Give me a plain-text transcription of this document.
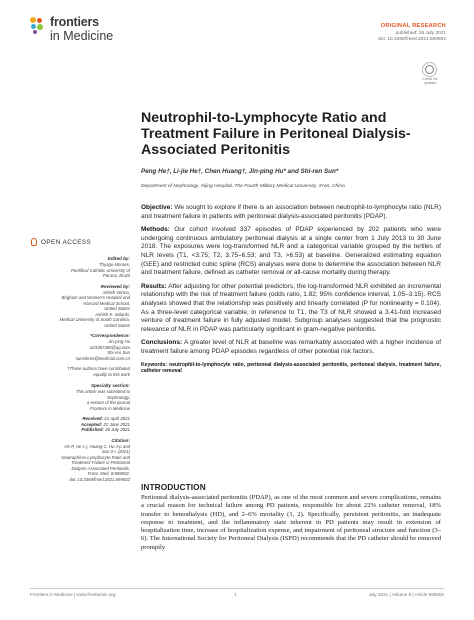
frontiers
in Medicine
ORIGINAL RESEARCH
published: 26 July 2021
doi: 10.3389/fmed.2021.699502
Check for updates
Neutrophil-to-Lymphocyte Ratio and Treatment Failure in Peritoneal Dialysis-Associated Peritonitis
Peng He†, Li-jie He†, Chen Huang†, Jin-ping Hu* and Shi-ren Sun*
Department of Nephrology, Xijing Hospital, The Fourth Military Medical University, Xi'an, China

Objective: We sought to explore if there is an association between neutrophil-to-lymphocyte ratio (NLR) and treatment failure in patients with peritoneal dialysis-associated peritonitis (PDAP).

Methods: Our cohort involved 337 episodes of PDAP experienced by 202 patients who were undergoing continuous ambulatory peritoneal dialysis at a single center from 1 July 2013 to 30 June 2018. The exposures were log-transformed NLR and a categorical variable grouped by the tertiles of NLR levels (T1, <3.75; T2, 3.75–6.53; and T3, >6.53) at baseline. Generalized estimating equation (GEE) and restricted cubic spline (RCS) analyses were done to determine the association between NLR and treatment failure, defined as catheter removal or all-cause mortality during therapy.

Results: After adjusting for other potential predictors, the log-transformed NLR exhibited an incremental relationship with the risk of treatment failure (odds ratio, 1.82; 95% confidence interval, 1.05–3.15). RCS analyses showed that the relationship was positively and linearly correlated (P for nonlinearity = 0.104). As a three-level categorical variable, in reference to T1, the T3 of NLR showed a 3.41-fold increased venture of treatment failure in fully adjusted model. Subgroup analyses suggested that the prognostic relevance of NLR in PDAP was particularly significant in gram-negative peritonitis.

Conclusions: A greater level of NLR at baseline was remarkably associated with a higher incidence of treatment failure among PDAP episodes regardless of other potential risk factors.

Keywords: neutrophil-to-lymphocyte ratio, peritoneal dialysis-associated peritonitis, peritoneal dialysis, treatment failure, catheter removal

INTRODUCTION

Peritoneal dialysis-associated peritonitis (PDAP), as one of the most common and severe complications, remains a crucial reason for technical failure among PD patients, responsible for about 22% catheter removal, 18% transfer to hemodialysis (HD), and 2–6% mortality (1, 2). Specifically, persistent peritonitis, an inadequate response to treatment, and the inflammatory state inherent in PD patients may result in extension of hospitalization time, increase of hospitalization expense, and impairment of peritoneal structure and function (3–6). The International Society for Peritoneal Dialysis (ISPD) recommends that the PD catheter should be removed promptly

OPEN ACCESS
Edited by:
Thyago Moraes,
Pontifical Catholic University of
Parana, Brazil
Reviewed by:
Ashish Verma,
Brigham and Women's Hospital and
Harvard Medical School,
United States
Ashish K. Solanki,
Medical University of South Carolina,
United States
*Correspondence:
Jin-ping Hu
523367300@qq.com
Shi-ren Sun
sunshiren@medmail.com.cn
†These authors have contributed
equally to this work
Specialty section:
This article was submitted to
Nephrology,
a section of the journal
Frontiers in Medicine
Received: 21 April 2021
Accepted: 22 June 2021
Published: 26 July 2021
Citation:
He P, He L-j, Huang C, Hu J-p and
Sun S-r (2021)
Neutrophil-to-Lymphocyte Ratio and
Treatment Failure in Peritoneal
Dialysis-Associated Peritonitis.
Front. Med. 8:699502.
doi: 10.3389/fmed.2021.699502
Frontiers in Medicine | www.frontiersin.org	1	July 2021 | Volume 8 | Article 699502
